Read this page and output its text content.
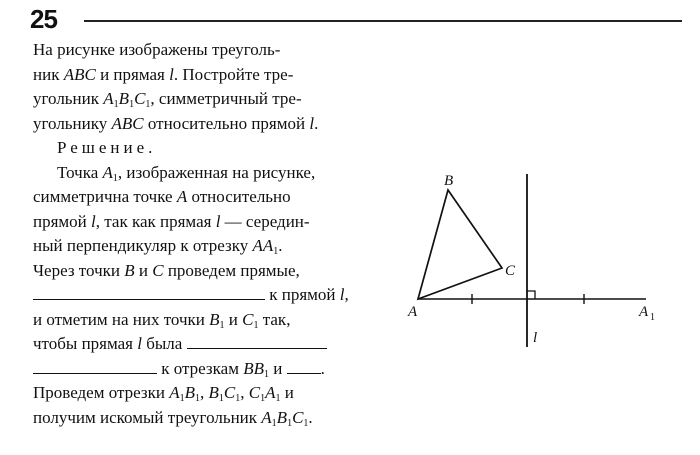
25

На рисунке изображены треуголь-

ник ABC и прямая l. Постройте тре-

угольник $A_1B_1C_1$, симметричный тре-

угольнику ABC относительно прямой l.

Решение.

Точка $A_1$, изображенная на рисунке,

симметрична точке A относительно

прямой l, так как прямая l — середин-

ный перпендикуляр к отрезку $AA_1$.

Через точки B и C проведем прямые,

к прямой l,

и отметим на них точки $B_1$ и $C_1$ так,

чтобы прямая l была

к отрезкам $BB_1$ и .

Проведем отрезки $A_1B_1$, $B_1C_1$, $C_1A_1$ и

получим искомый треугольник $A_1B_1C_1$.

B
C
A	A 1
l
